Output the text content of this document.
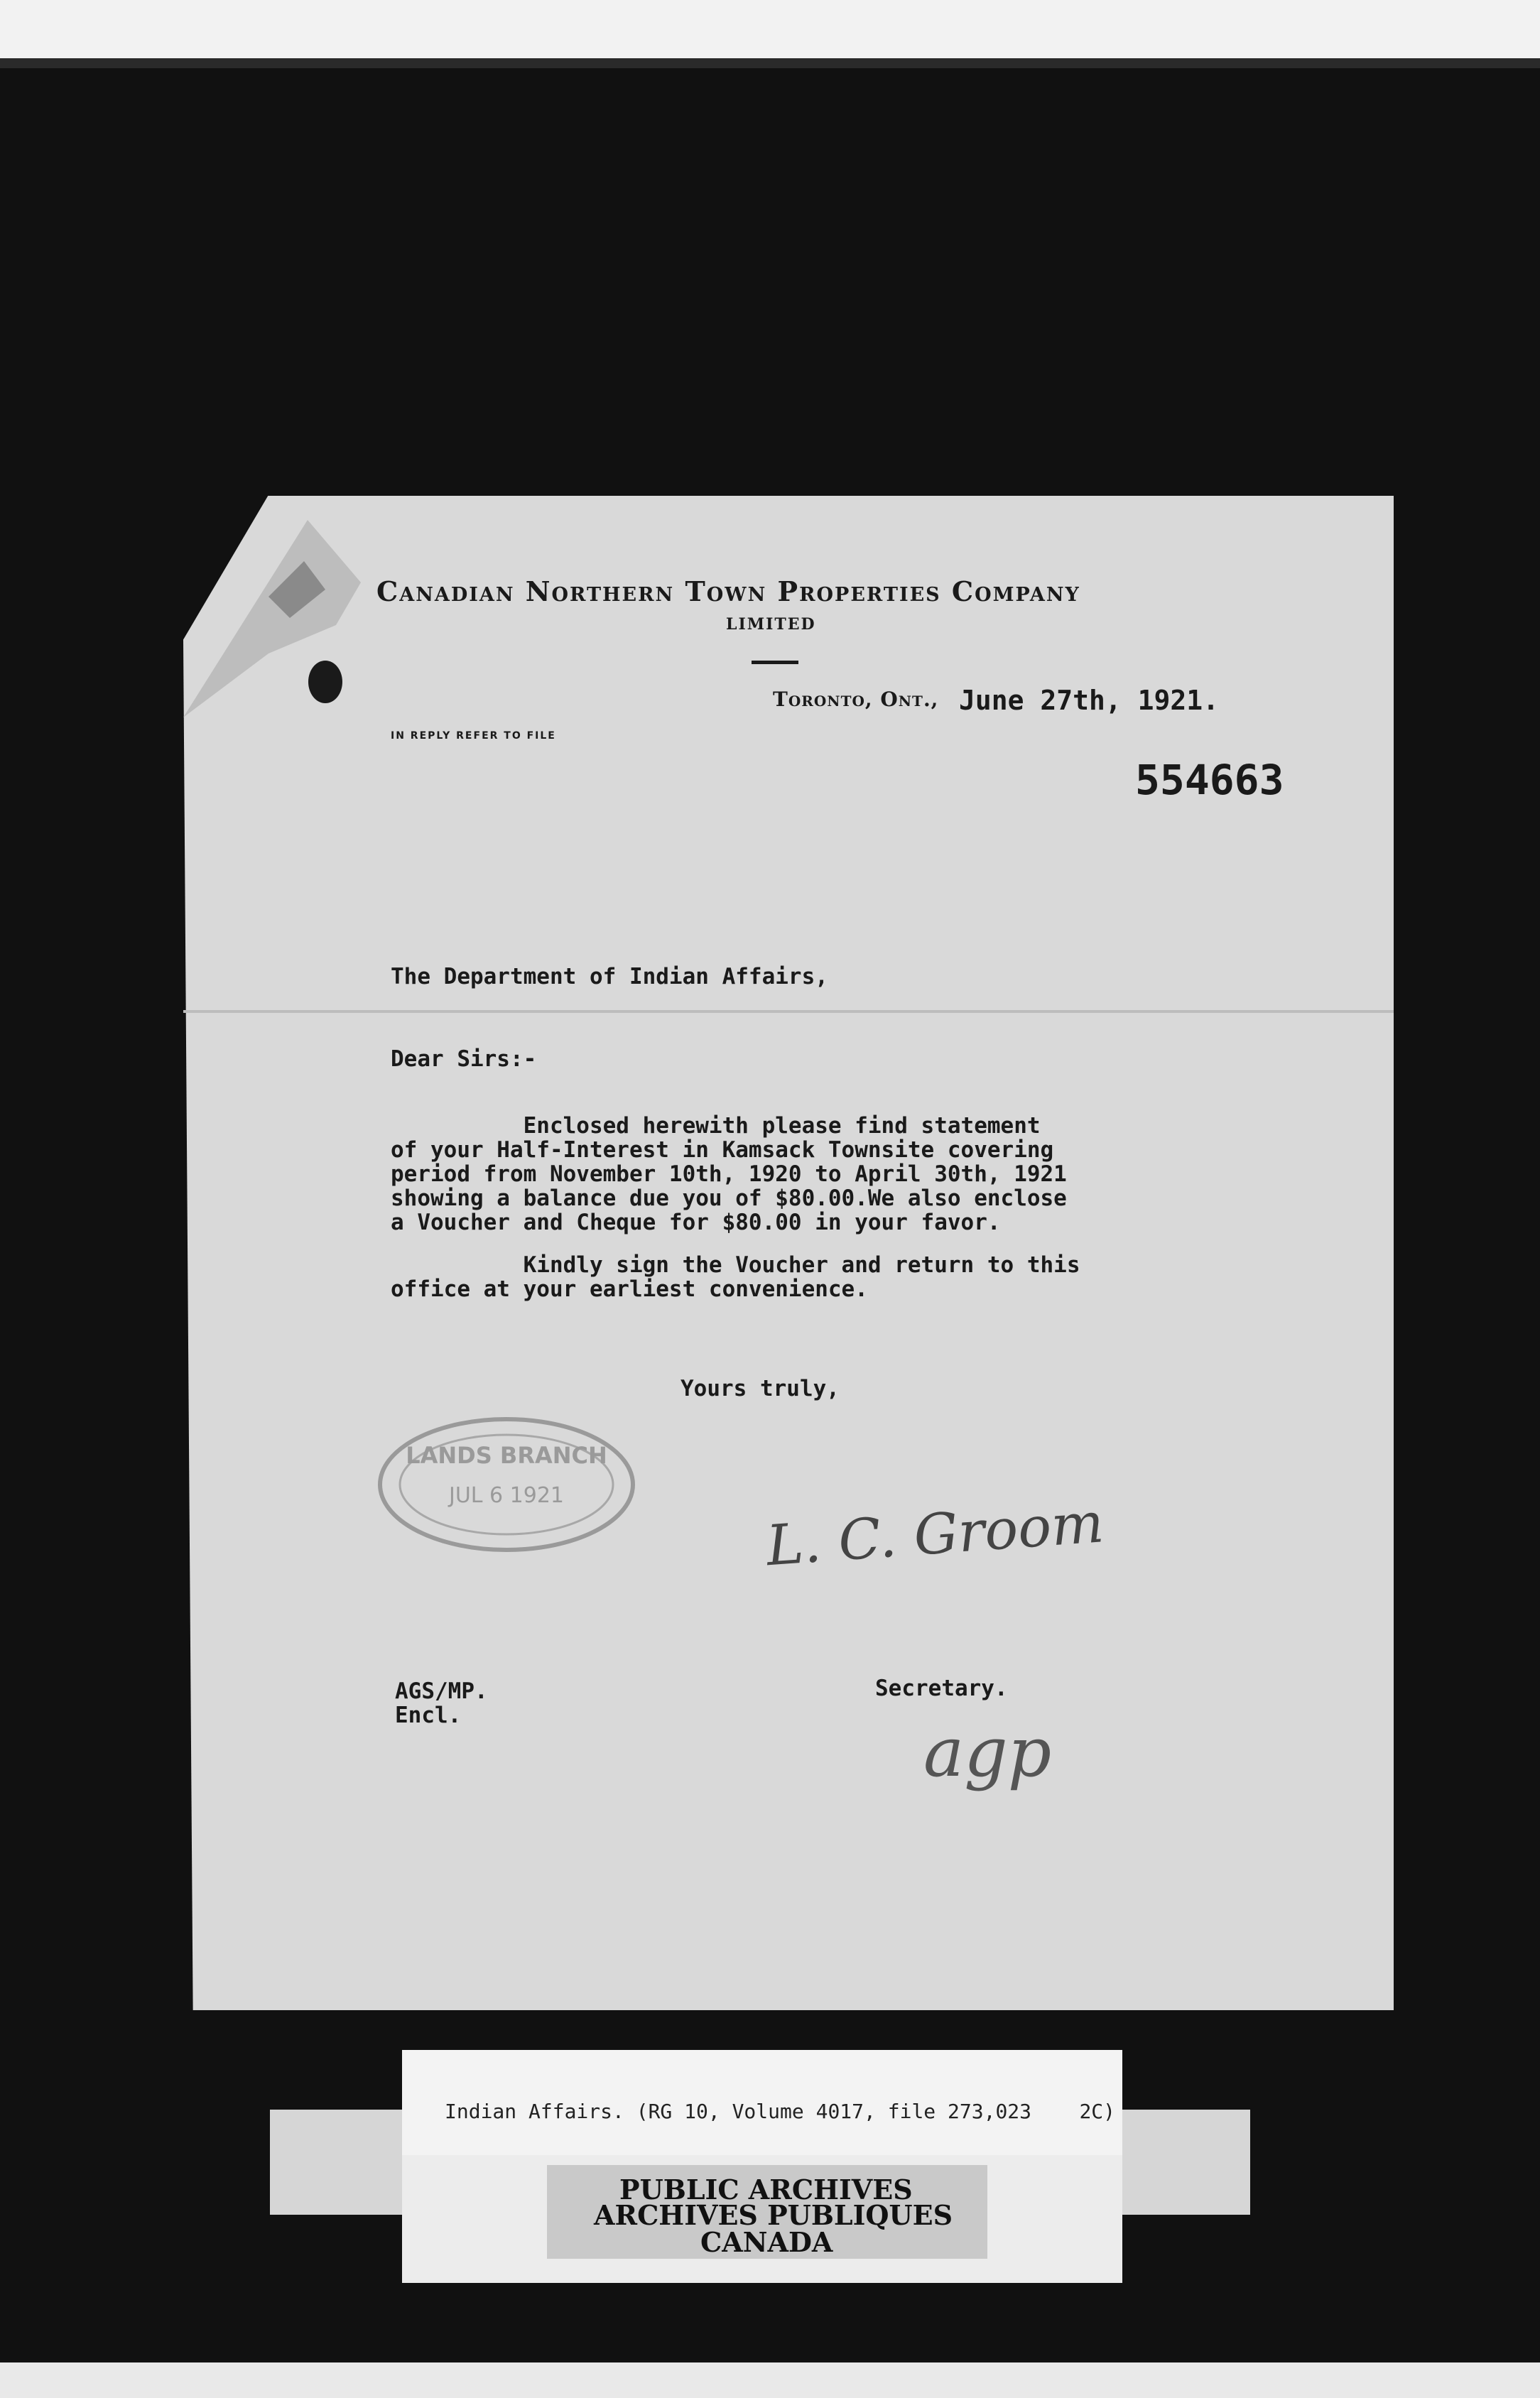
Canadian Northern Town Properties Company
LIMITED
Toronto, Ont., June 27th, 1921.
IN REPLY REFER TO FILE
554663
The Department of Indian Affairs,
Dear Sirs:-
Enclosed herewith please find statement
of your Half-Interest in Kamsack Townsite covering
period from November 10th, 1920 to April 30th, 1921
showing a balance due you of $80.00.We also enclose
a Voucher and Cheque for $80.00 in your favor.
Kindly sign the Voucher and return to this
office at your earliest convenience.
Yours truly,
LANDS BRANCH
JUL 6 1921	L. C. Groom
AGS/MP.
Encl.
Secretary.
agp
Indian Affairs. (RG 10, Volume 4017, file 273,023    2C)
PUBLIC ARCHIVES
ARCHIVES PUBLIQUES
CANADA
